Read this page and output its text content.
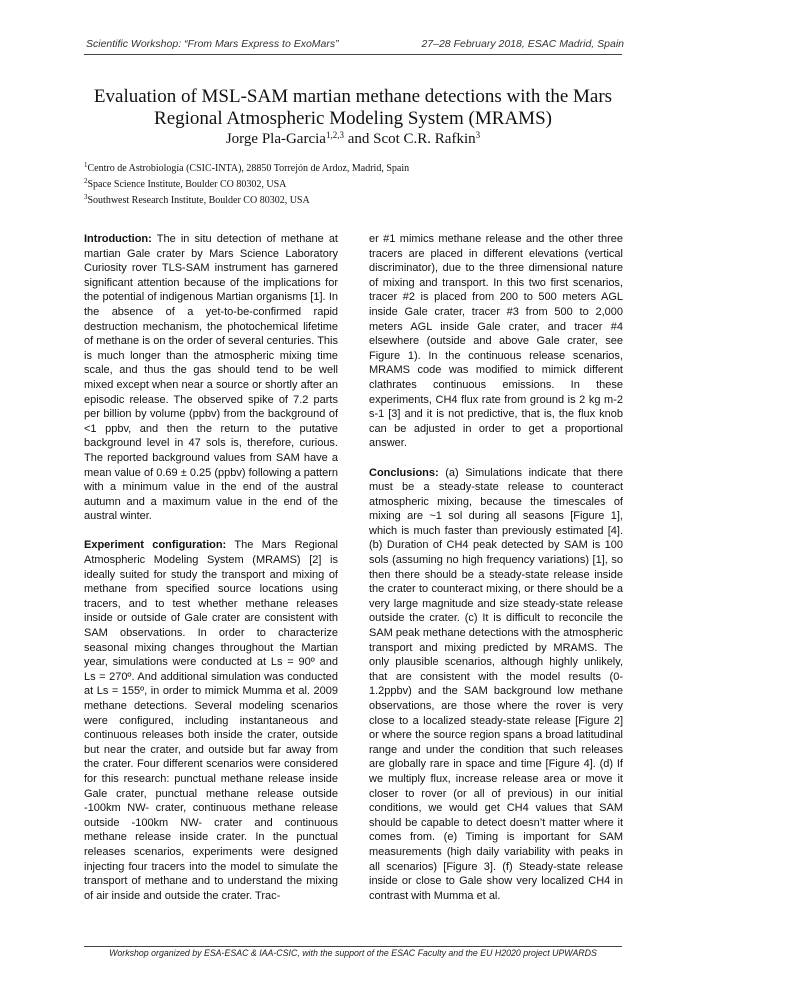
Scientific Workshop: “From Mars Express to ExoMars”	27–28 February 2018, ESAC Madrid, Spain
Evaluation of MSL-SAM martian methane detections with the Mars
Regional Atmospheric Modeling System (MRAMS)
Jorge Pla-Garcia$^{1,2,3}$ and Scot C.R. Rafkin$^3$
$^1$Centro de Astrobiología (CSIC-INTA), 28850 Torrejón de Ardoz, Madrid, Spain
$^2$Space Science Institute, Boulder CO 80302, USA
$^3$Southwest Research Institute, Boulder CO 80302, USA

Introduction: The in situ detection of methane at martian Gale crater by Mars Science Laboratory Curiosity rover TLS-SAM instrument has garnered significant attention because of the implications for the potential of indigenous Martian organisms [1]. In the absence of a yet-to-be-confirmed rapid destruction mechanism, the photochemical lifetime of methane is on the order of several centuries. This is much longer than the atmospheric mixing time scale, and thus the gas should tend to be well mixed except when near a source or shortly after an episodic release. The observed spike of 7.2 parts per billion by volume (ppbv) from the background of <1 ppbv, and then the return to the putative background level in 47 sols is, therefore, curious. The reported background values from SAM have a mean value of 0.69 ± 0.25 (ppbv) following a pattern with a minimum value in the end of the austral autumn and a maximum value in the end of the austral winter.

Experiment configuration: The Mars Regional Atmospheric Modeling System (MRAMS) [2] is ideally suited for study the transport and mixing of methane from specified source locations using tracers, and to test whether methane releases inside or outside of Gale crater are consistent with SAM observations. In order to characterize seasonal mixing changes throughout the Martian year, simulations were conducted at Ls = 90º and Ls = 270º. And additional simulation was conducted at Ls = 155º, in order to mimick Mumma et al. 2009 methane detections. Several modeling scenarios were configured, including instantaneous and continuous releases both inside the crater, outside but near the crater, and outside but far away from the crater. Four different scenarios were considered for this research: punctual methane release inside Gale crater, punctual methane release outside -100km NW- crater, continuous methane release outside -100km NW- crater and continuous methane release inside crater. In the punctual releases scenarios, experiments were designed injecting four tracers into the model to simulate the transport of methane and to understand the mixing of air inside and outside the crater. Trac-

er #1 mimics methane release and the other three tracers are placed in different elevations (vertical discriminator), due to the three dimensional nature of mixing and transport. In this two first scenarios, tracer #2 is placed from 200 to 500 meters AGL inside Gale crater, tracer #3 from 500 to 2,000 meters AGL inside Gale crater, and tracer #4 elsewhere (outside and above Gale crater, see Figure 1). In the continuous release scenarios, MRAMS code was modified to mimick different clathrates continuous emissions. In these experiments, CH4 flux rate from ground is 2 kg m-2 s-1 [3] and it is not predictive, that is, the flux knob can be adjusted in order to get a proportional answer.

Conclusions: (a) Simulations indicate that there must be a steady-state release to counteract atmospheric mixing, because the timescales of mixing are ~1 sol during all seasons [Figure 1], which is much faster than previously estimated [4]. (b) Duration of CH4 peak detected by SAM is 100 sols (assuming no high frequency variations) [1], so then there should be a steady-state release inside the crater to counteract mixing, or there should be a very large magnitude and size steady-state release outside the crater. (c) It is difficult to reconcile the SAM peak methane detections with the atmospheric transport and mixing predicted by MRAMS. The only plausible scenarios, although highly unlikely, that are consistent with the model results (0-1.2ppbv) and the SAM background low methane observations, are those where the rover is very close to a localized steady-state release [Figure 2] or where the source region spans a broad latitudinal range and under the condition that such releases are globally rare in space and time [Figure 4]. (d) If we multiply flux, increase release area or move it closer to rover (or all of previous) in our initial conditions, we would get CH4 values that SAM should be capable to detect doesn’t matter where it comes from. (e) Timing is important for SAM measurements (high daily variability with peaks in all scenarios) [Figure 3]. (f) Steady-state release inside or close to Gale show very localized CH4 in contrast with Mumma et al.

Workshop organized by ESA-ESAC & IAA-CSIC, with the support of the ESAC Faculty and the EU H2020 project UPWARDS
